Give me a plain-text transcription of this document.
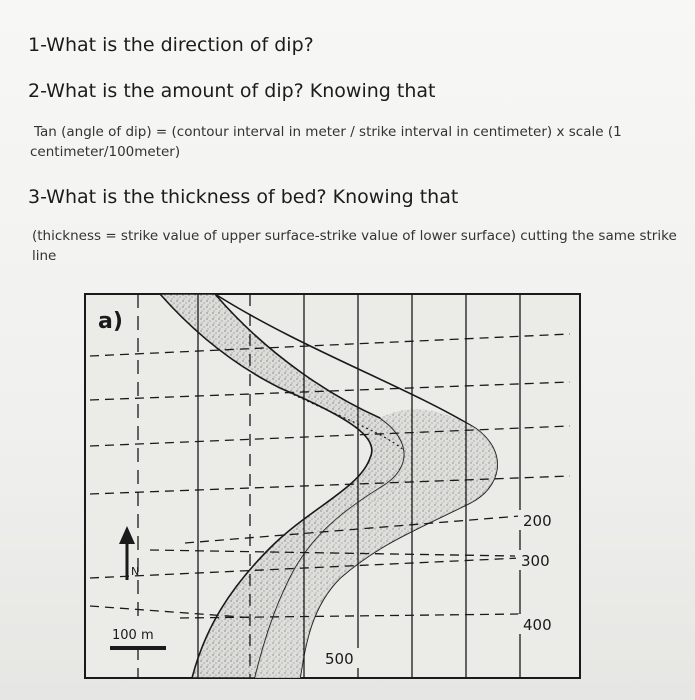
1-What is the direction of dip?
2-What is the amount of dip? Knowing that
Tan (angle of dip) = (contour interval in meter / strike interval in centimeter) x scale (1
centimeter/100meter)
3-What is the thickness of bed? Knowing that
(thickness = strike value of upper surface-strike value of lower surface) cutting the same strike
line
a)
N
100 m
200
300
400
500
